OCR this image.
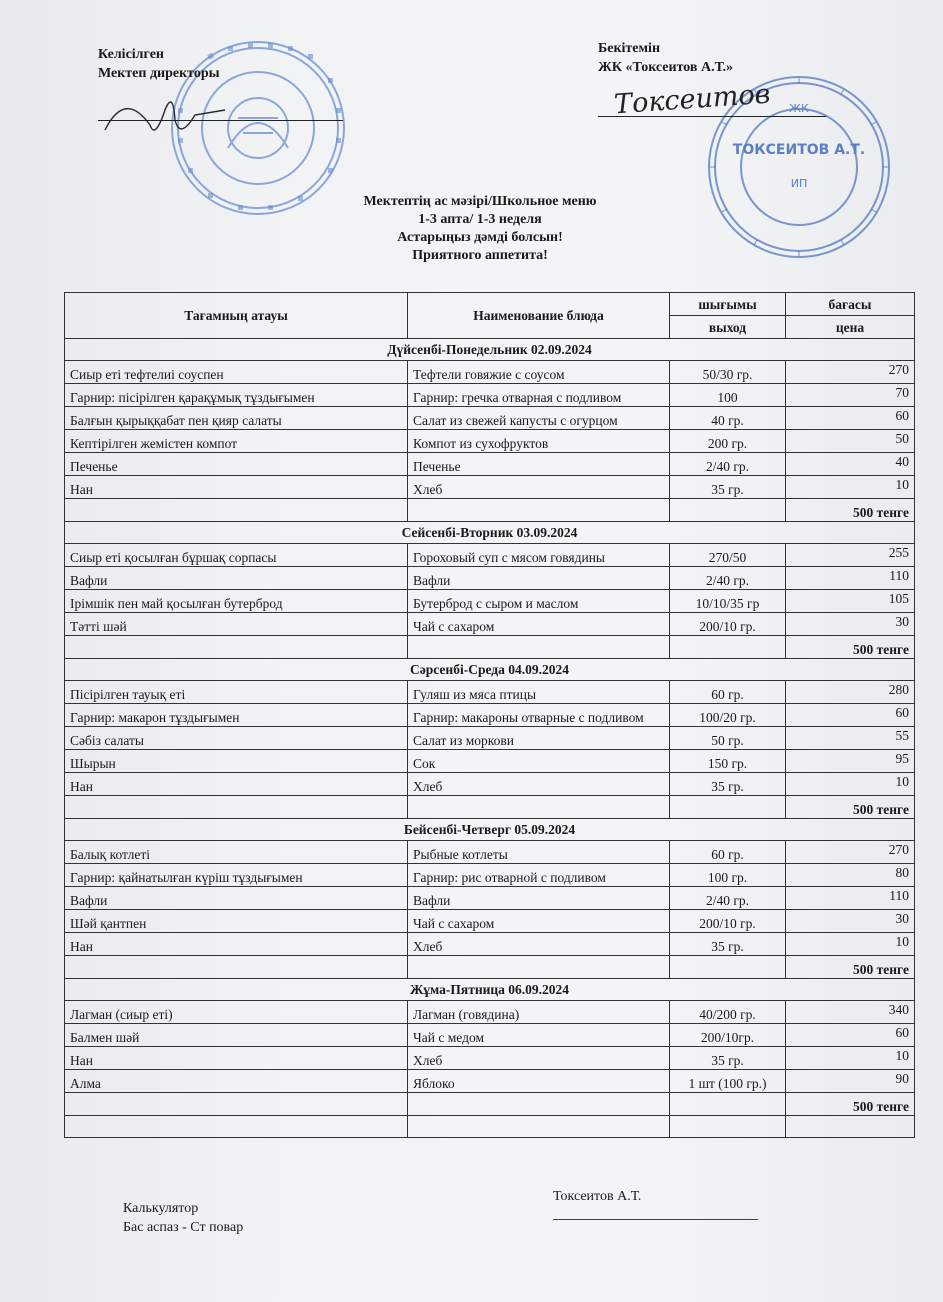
Келісілген
Мектеп директоры
ЖК
ТОКСЕИТОВ А.Т.
ИП
Бекітемін
ЖК «Токсеитов А.Т.»
Токсеитов
Мектептің ас мәзірі/Школьное меню
1-3 апта/ 1-3 неделя
Астарыңыз дәмді болсын!
Приятного аппетита!
Тағамның атауы	Наименование блюда	шығымы	бағасы
		выход	цена
Дүйсенбі-Понедельник 02.09.2024			
Сиыр еті тефтелиі соуспен	Тефтели говяжие с соусом	50/30 гр.	270
Гарнир: пісірілген қарақұмық тұздығымен	Гарнир: гречка отварная с подливом	100	70
Балғын қырыққабат пен қияр салаты	Салат из свежей капусты с огурцом	40 гр.	60
Кептірілген жемістен компот	Компот из сухофруктов	200 гр.	50
Печенье	Печенье	2/40 гр.	40
Нан	Хлеб	35 гр.	10
			500 тенге
Сейсенбі-Вторник 03.09.2024			
Сиыр еті қосылған бұршақ сорпасы	Гороховый суп с мясом говядины	270/50	255
Вафли	Вафли	2/40 гр.	110
Ірімшік пен май қосылған бутерброд	Бутерброд с сыром и маслом	10/10/35 гр	105
Тәтті шәй	Чай с сахаром	200/10 гр.	30
			500 тенге
Сәрсенбі-Среда 04.09.2024			
Пісірілген тауық еті	Гуляш из мяса птицы	60 гр.	280
Гарнир: макарон тұздығымен	Гарнир: макароны отварные с подливом	100/20 гр.	60
Сәбіз салаты	Салат из моркови	50 гр.	55
Шырын	Сок	150 гр.	95
Нан	Хлеб	35 гр.	10
			500 тенге
Бейсенбі-Четверг 05.09.2024			
Балық котлеті	Рыбные котлеты	60 гр.	270
Гарнир: қайнатылған күріш тұздығымен	Гарнир: рис отварной с подливом	100 гр.	80
Вафли	Вафли	2/40 гр.	110
Шәй қантпен	Чай с сахаром	200/10 гр.	30
Нан	Хлеб	35 гр.	10
			500 тенге
Жұма-Пятница 06.09.2024			
Лагман (сиыр еті)	Лагман (говядина)	40/200 гр.	340
Балмен шәй	Чай с медом	200/10гр.	60
Нан	Хлеб	35 гр.	10
Алма	Яблоко	1 шт (100 гр.)	90
			500 тенге

Калькулятор
Бас аспаз - Ст повар
Токсеитов А.Т.
